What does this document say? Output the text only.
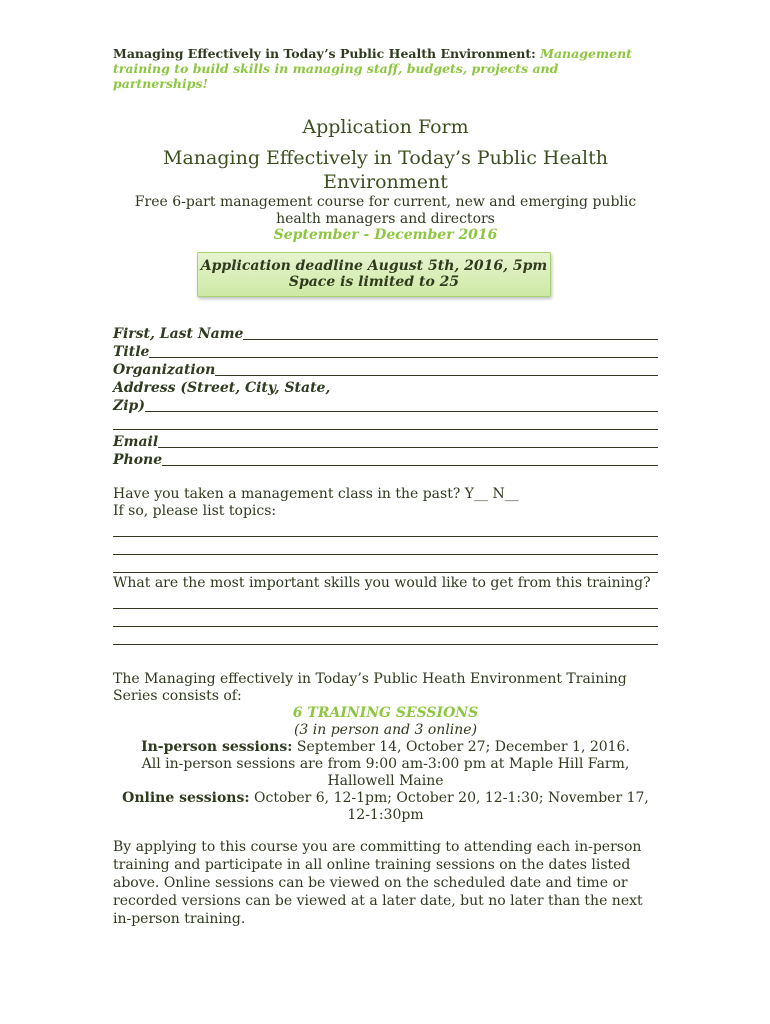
Managing Effectively in Today’s Public Health Environment: Management training to build skills in managing staff, budgets, projects and partnerships!
Application Form
Managing Effectively in Today’s Public Health Environment
Free 6-part management course for current, new and emerging public health managers and directors
September - December 2016
Application deadline August 5th, 2016, 5pm
Space is limited to 25
First, Last Name
Title
Organization
Address (Street, City, State,
Zip)
Email
Phone
Have you taken a management class in the past? Y__ N__
If so, please list topics:
What are the most important skills you would like to get from this training?
The Managing effectively in Today’s Public Heath Environment Training Series consists of:
6 TRAINING SESSIONS
(3 in person and 3 online)
In-person sessions: September 14, October 27; December 1, 2016.
All in-person sessions are from 9:00 am-3:00 pm at Maple Hill Farm, Hallowell Maine
Online sessions: October 6, 12-1pm; October 20, 12-1:30; November 17, 12-1:30pm
By applying to this course you are committing to attending each in-person training and participate in all online training sessions on the dates listed above. Online sessions can be viewed on the scheduled date and time or recorded versions can be viewed at a later date, but no later than the next in-person training.
